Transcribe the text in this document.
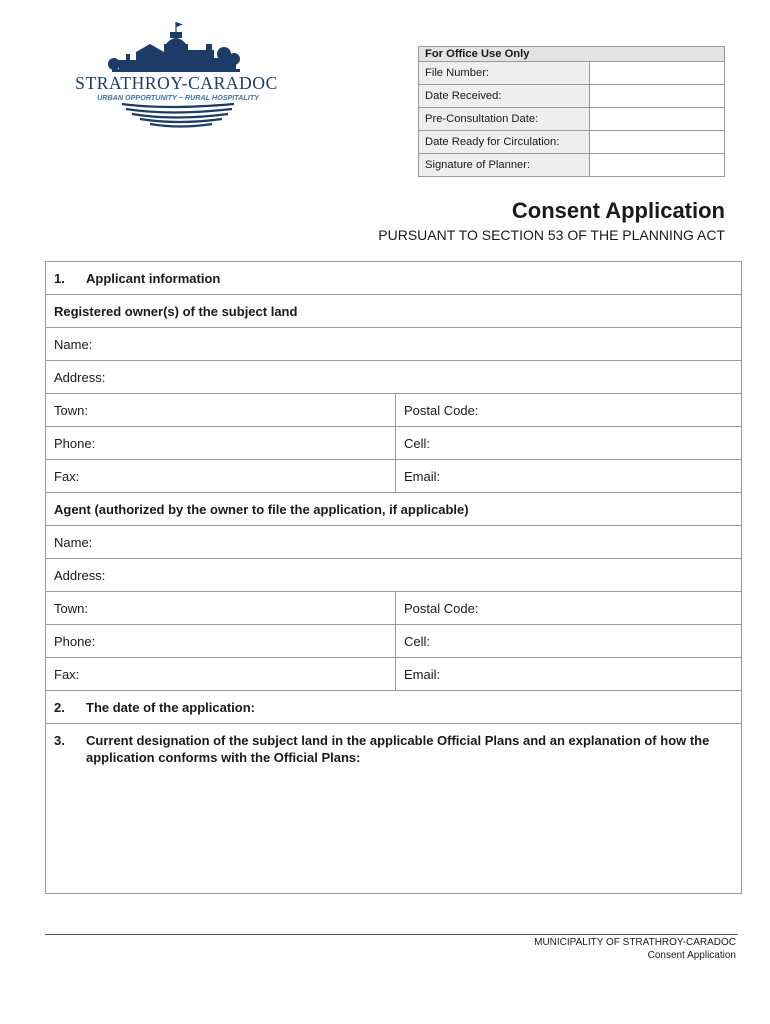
STRATHROY-CARADOC
URBAN OPPORTUNITY ~ RURAL HOSPITALITY
For Office Use Only	
File Number:	
Date Received:	
Pre-Consultation Date:	
Date Ready for Circulation:	
Signature of Planner:	
Consent Application
PURSUANT TO SECTION 53 OF THE PLANNING ACT
1.	Applicant information
Registered owner(s) of the subject land
Name:
Address:
Town:	Postal Code:
Phone:	Cell:
Fax:	Email:
Agent (authorized by the owner to file the application, if applicable)
Name:
Address:
Town:	Postal Code:
Phone:	Cell:
Fax:	Email:
2.	The date of the application:
3.	Current designation of the subject land in the applicable Official Plans and an explanation of how the application conforms with the Official Plans:
MUNICIPALITY OF STRATHROY-CARADOC
Consent Application
